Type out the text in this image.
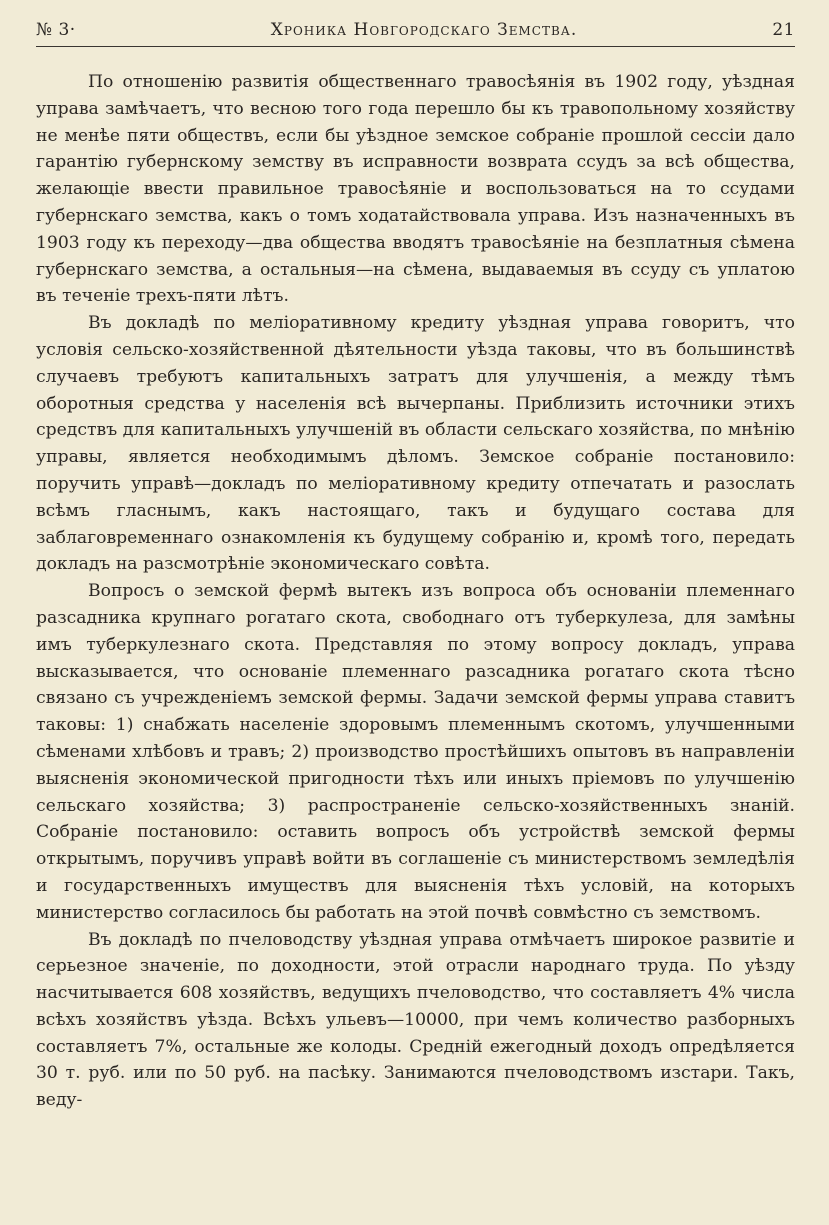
№ 3·	Хроника Новгородскаго Земства.	21

По отношенію развитія общественнаго травосѣянія въ 1902 году, уѣздная управа замѣчаетъ, что весною того года перешло бы къ травопольному хозяйству не менѣе пяти обществъ, если бы уѣздное земское собраніе прошлой сессіи дало гарантію губернскому земству въ исправности возврата ссудъ за всѣ общества, желающіе ввести правильное травосѣяніе и воспользоваться на то ссудами губернскаго земства, какъ о томъ ходатайствовала управа. Изъ назначенныхъ въ 1903 году къ переходу—два общества вводятъ травосѣяніе на безплатныя сѣмена губернскаго земства, а остальныя—на сѣмена, выдаваемыя въ ссуду съ уплатою въ теченіе трехъ-пяти лѣтъ.

Въ докладѣ по меліоративному кредиту уѣздная управа говоритъ, что условія сельско-хозяйственной дѣятельности уѣзда таковы, что въ большинствѣ случаевъ требуютъ капитальныхъ затратъ для улучшенія, а между тѣмъ оборотныя средства у населенія всѣ вычерпаны. Приблизить источники этихъ средствъ для капитальныхъ улучшеній въ области сельскаго хозяйства, по мнѣнію управы, является необходимымъ дѣломъ. Земское собраніе постановило: поручить управѣ—докладъ по меліоративному кредиту отпечатать и разослать всѣмъ гласнымъ, какъ настоящаго, такъ и будущаго состава для заблаговременнаго ознакомленія къ будущему собранію и, кромѣ того, передать докладъ на разсмотрѣніе экономическаго совѣта.

Вопросъ о земской фермѣ вытекъ изъ вопроса объ основаніи племеннаго разсадника крупнаго рогатаго скота, свободнаго отъ туберкулеза, для замѣны имъ туберкулезнаго скота. Представляя по этому вопросу докладъ, управа высказывается, что основаніе племеннаго разсадника рогатаго скота тѣсно связано съ учрежденіемъ земской фермы. Задачи земской фермы управа ставитъ таковы: 1) снабжать населеніе здоровымъ племеннымъ скотомъ, улучшенными сѣменами хлѣбовъ и травъ; 2) производство простѣйшихъ опытовъ въ направленіи выясненія экономической пригодности тѣхъ или иныхъ пріемовъ по улучшенію сельскаго хозяйства; 3) распространеніе сельско-хозяйственныхъ знаній. Собраніе постановило: оставить вопросъ объ устройствѣ земской фермы открытымъ, поручивъ управѣ войти въ соглашеніе съ министерствомъ земледѣлія и государственныхъ имуществъ для выясненія тѣхъ условій, на которыхъ министерство согласилось бы работать на этой почвѣ совмѣстно съ земствомъ.

Въ докладѣ по пчеловодству уѣздная управа отмѣчаетъ широкое развитіе и серьезное значеніе, по доходности, этой отрасли народнаго труда. По уѣзду насчитывается 608 хозяйствъ, ведущихъ пчеловодство, что составляетъ 4% числа всѣхъ хозяйствъ уѣзда. Всѣхъ ульевъ—10000, при чемъ количество разборныхъ составляетъ 7%, остальные же колоды. Средній ежегодный доходъ опредѣляется 30 т. руб. или по 50 руб. на пасѣку. Занимаются пчеловодствомъ изстари. Такъ, веду-
